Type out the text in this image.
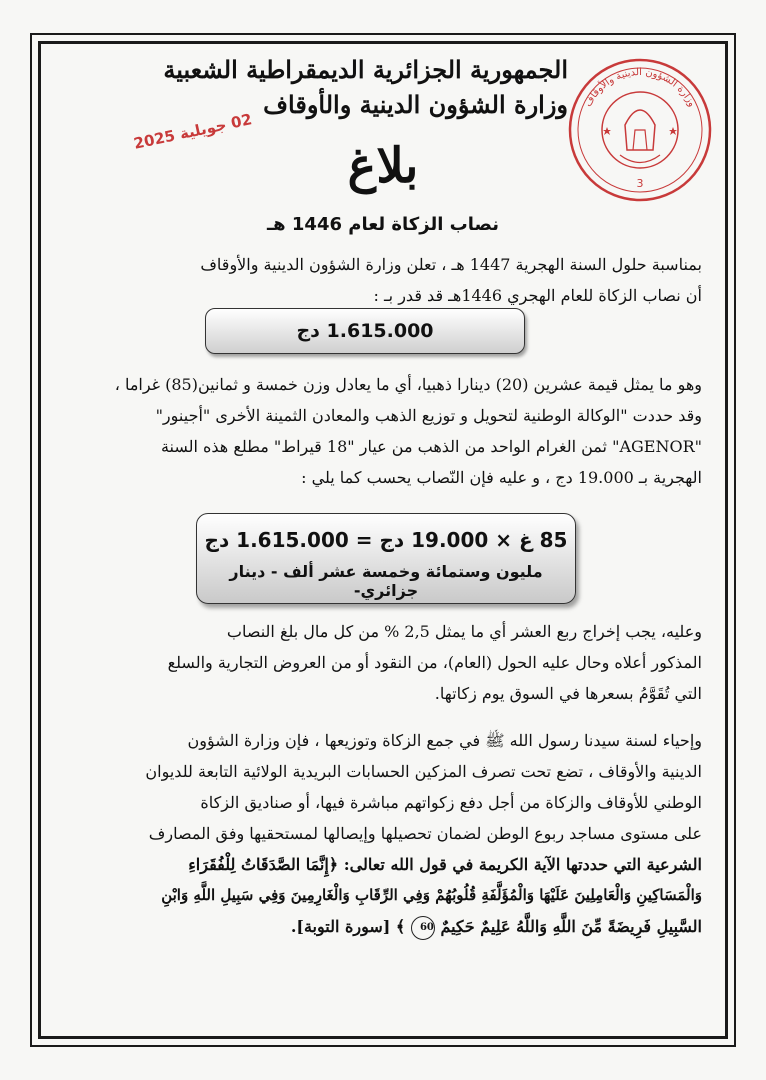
3
وزارة الشؤون الدينية والأوقاف
02 جويلية 2025
الجمهورية الجزائرية الديمقراطية الشعبية
وزارة الشؤون الدينية والأوقاف
بلاغ
نصاب الزكاة لعام 1446 هـ
بمناسبة حلول السنة الهجرية 1447 هـ ، تعلن وزارة الشؤون الدينية والأوقاف
أن نصاب الزكاة للعام الهجري 1446هـ قد قدر بـ :
1.615.000 دج
وهو ما يمثل قيمة عشرين (20) دينارا ذهبيا، أي ما يعادل وزن خمسة و ثمانين(85) غراما ،
وقد حددت "الوكالة الوطنية لتحويل و توزيع الذهب والمعادن الثمينة الأخرى "أجينور"
"AGENOR" ثمن الغرام الواحد من الذهب من عيار "18 قيراط" مطلع هذه السنة
الهجرية بـ 19.000 دج ، و عليه فإن النّصاب يحسب كما يلي :
85 غ × 19.000 دج = 1.615.000 دج
مليون وستمائة وخمسة عشر ألف - دينار جزائري-
وعليه، يجب إخراج ربع العشر أي ما يمثل 2,5 % من كل مال بلغ النصاب
المذكور أعلاه وحال عليه الحول (العام)، من النقود أو من العروض التجارية والسلع
التي تُقَوَّمُ بسعرها في السوق يوم زكاتها.
وإحياء لسنة سيدنا رسول الله ﷺ في جمع الزكاة وتوزيعها ، فإن وزارة الشؤون
الدينية والأوقاف ، تضع تحت تصرف المزكين الحسابات البريدية الولائية التابعة للديوان
الوطني للأوقاف والزكاة من أجل دفع زكواتهم مباشرة فيها، أو صناديق الزكاة
على مستوى مساجد ربوع الوطن لضمان تحصيلها وإيصالها لمستحقيها وفق المصارف
الشرعية التي حددتها الآية الكريمة في قول الله تعالى: ﴿إِنَّمَا الصَّدَقَاتُ لِلْفُقَرَاءِ
وَالْمَسَاكِينِ وَالْعَامِلِينَ عَلَيْهَا وَالْمُؤَلَّفَةِ قُلُوبُهُمْ وَفِي الرِّقَابِ وَالْغَارِمِينَ وَفِي سَبِيلِ اللَّهِ وَابْنِ
السَّبِيلِ فَرِيضَةً مِّنَ اللَّهِ وَاللَّهُ عَلِيمٌ حَكِيمٌ 60 ﴾ [سورة التوبة].
